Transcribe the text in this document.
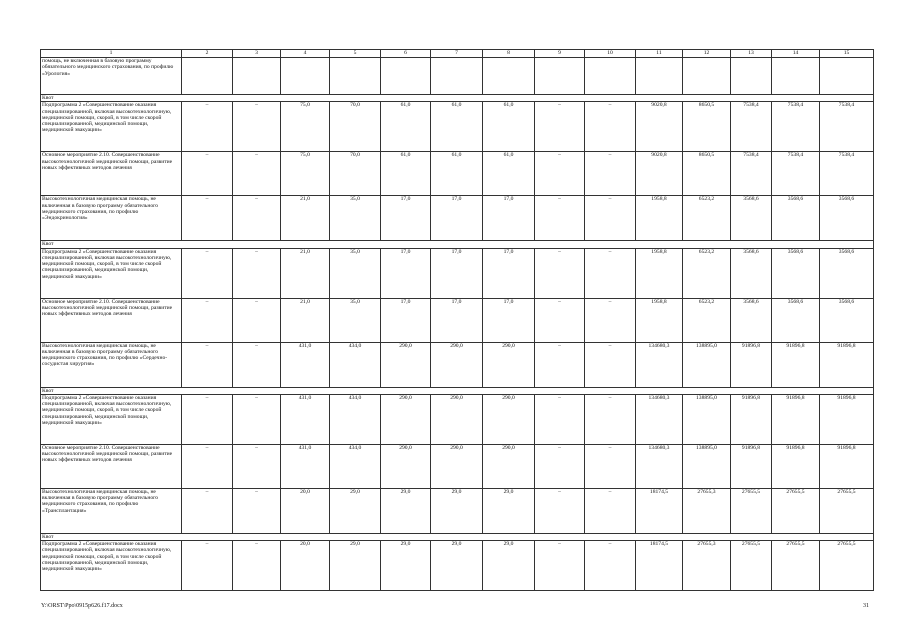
1	2	3	4	5	6	7	8	9	10	11	12	13	14	15
помощь, не включенная в базовую программу обязательного медицинского страхования, по профилю «Урология»														
Квот														
Подпрограмма 2 «Совершенствование оказания специализированной, включая высокотехнологичную, медицинской помощи, скорой, в том числе скорой специализированной, медицинской помощи, медицинской эвакуации»	–	–	75,0	70,0	61,0	61,0	61,0	–	–	9020,8	8650,5	7538,4	7538,4	7538,4
Основное мероприятие 2.10. Совершенствование высокотехнологичной медицинской помощи, развитие новых эффективных методов лечения	–	–	75,0	70,0	61,0	61,0	61,0	–	–	9020,8	8650,5	7538,4	7538,4	7538,4
Высокотехнологичная медицинская помощь, не включенная в базовую программу обязательного медицинского страхования, по профилю «Эндокринология»	–	–	21,0	35,0	17,0	17,0	17,0	–	–	1958,8	6523,2	3568,6	3568,6	3568,6
Квот														
Подпрограмма 2 «Совершенствование оказания специализированной, включая высокотехнологичную, медицинской помощи, скорой, в том числе скорой специализированной, медицинской помощи, медицинской эвакуации»	–	–	21,0	35,0	17,0	17,0	17,0	–	–	1958,8	6523,2	3568,6	3568,6	3568,6
Основное мероприятие 2.10. Совершенствование высокотехнологичной медицинской помощи, развитие новых эффективных методов лечения	–	–	21,0	35,0	17,0	17,0	17,0	–	–	1958,8	6523,2	3568,6	3568,6	3568,6
Высокотехнологичная медицинская помощь, не включенная в базовую программу обязательного медицинского страхования, по профилю «Сердечно-сосудистая хирургия»	–	–	431,0	434,0	290,0	290,0	290,0	–	–	134680,3	138895,0	91896,8	91896,8	91896,8
Квот														
Подпрограмма 2 «Совершенствование оказания специализированной, включая высокотехнологичную, медицинской помощи, скорой, в том числе скорой специализированной, медицинской помощи, медицинской эвакуации»	–	–	431,0	434,0	290,0	290,0	290,0	–	–	134680,3	138895,0	91896,8	91896,8	91896,8
Основное мероприятие 2.10. Совершенствование высокотехнологичной медицинской помощи, развитие новых эффективных методов лечения	–	–	431,0	434,0	290,0	290,0	290,0	–	–	134680,3	138895,0	91896,8	91896,8	91896,8
Высокотехнологичная медицинская помощь, не включенная в базовую программу обязательного медицинского страхования, по профилю «Трансплантация»	–	–	20,0	29,0	29,0	29,0	29,0	–	–	18174,5	27655,3	27655,5	27655,5	27655,5
Квот														
Подпрограмма 2 «Совершенствование оказания специализированной, включая высокотехнологичную, медицинской помощи, скорой, в том числе скорой специализированной, медицинской помощи, медицинской эвакуации»	–	–	20,0	29,0	29,0	29,0	29,0	–	–	18174,5	27655,3	27655,5	27655,5	27655,5
Y:\ORST\Ppo\0915p626.f17.docx	31
